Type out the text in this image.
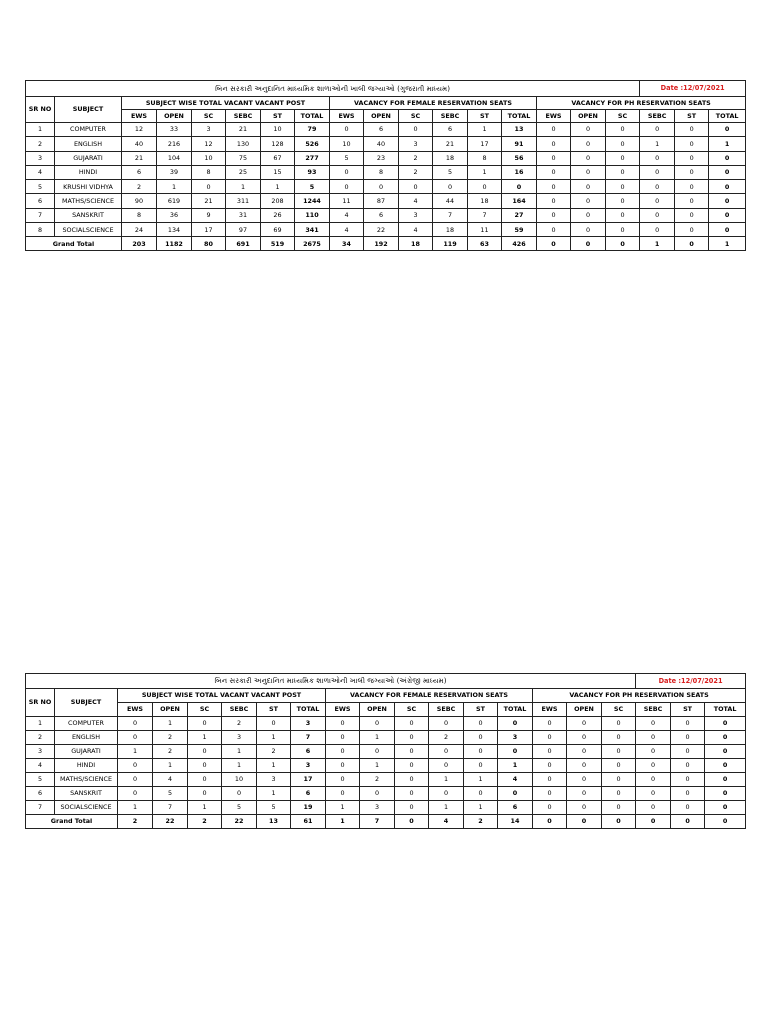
બિન સરકારી અનુદાનિત માધ્યમિક શાળાઓની ખાલી જગ્યાઓ (ગુજરાતી માધ્યમ)																	Date :12/07/2021		
SR NO	SUBJECT	SUBJECT WISE TOTAL VACANT VACANT POST						VACANCY FOR FEMALE RESERVATION SEATS						VACANCY FOR PH RESERVATION SEATS					
		EWS	OPEN	SC	SEBC	ST	TOTAL	EWS	OPEN	SC	SEBC	ST	TOTAL	EWS	OPEN	SC	SEBC	ST	TOTAL
1	COMPUTER	12	33	3	21	10	79	0	6	0	6	1	13	0	0	0	0	0	0
2	ENGLISH	40	216	12	130	128	526	10	40	3	21	17	91	0	0	0	1	0	1
3	GUJARATI	21	104	10	75	67	277	5	23	2	18	8	56	0	0	0	0	0	0
4	HINDI	6	39	8	25	15	93	0	8	2	5	1	16	0	0	0	0	0	0
5	KRUSHI VIDHYA	2	1	0	1	1	5	0	0	0	0	0	0	0	0	0	0	0	0
6	MATHS/SCIENCE	90	619	21	311	208	1244	11	87	4	44	18	164	0	0	0	0	0	0
7	SANSKRIT	8	36	9	31	26	110	4	6	3	7	7	27	0	0	0	0	0	0
8	SOCIALSCIENCE	24	134	17	97	69	341	4	22	4	18	11	59	0	0	0	0	0	0
Grand Total		203	1182	80	691	519	2675	34	192	18	119	63	426	0	0	0	1	0	1
બિન સરકારી અનુદાનિત માધ્યમિક શાળાઓની ખાલી જગ્યાઓ (અંગ્રેજી માધ્યમ)																	Date :12/07/2021		
SR NO	SUBJECT	SUBJECT WISE TOTAL VACANT VACANT POST						VACANCY FOR FEMALE RESERVATION SEATS						VACANCY FOR PH RESERVATION SEATS					
		EWS	OPEN	SC	SEBC	ST	TOTAL	EWS	OPEN	SC	SEBC	ST	TOTAL	EWS	OPEN	SC	SEBC	ST	TOTAL
1	COMPUTER	0	1	0	2	0	3	0	0	0	0	0	0	0	0	0	0	0	0
2	ENGLISH	0	2	1	3	1	7	0	1	0	2	0	3	0	0	0	0	0	0
3	GUJARATI	1	2	0	1	2	6	0	0	0	0	0	0	0	0	0	0	0	0
4	HINDI	0	1	0	1	1	3	0	1	0	0	0	1	0	0	0	0	0	0
5	MATHS/SCIENCE	0	4	0	10	3	17	0	2	0	1	1	4	0	0	0	0	0	0
6	SANSKRIT	0	5	0	0	1	6	0	0	0	0	0	0	0	0	0	0	0	0
7	SOCIALSCIENCE	1	7	1	5	5	19	1	3	0	1	1	6	0	0	0	0	0	0
Grand Total		2	22	2	22	13	61	1	7	0	4	2	14	0	0	0	0	0	0
